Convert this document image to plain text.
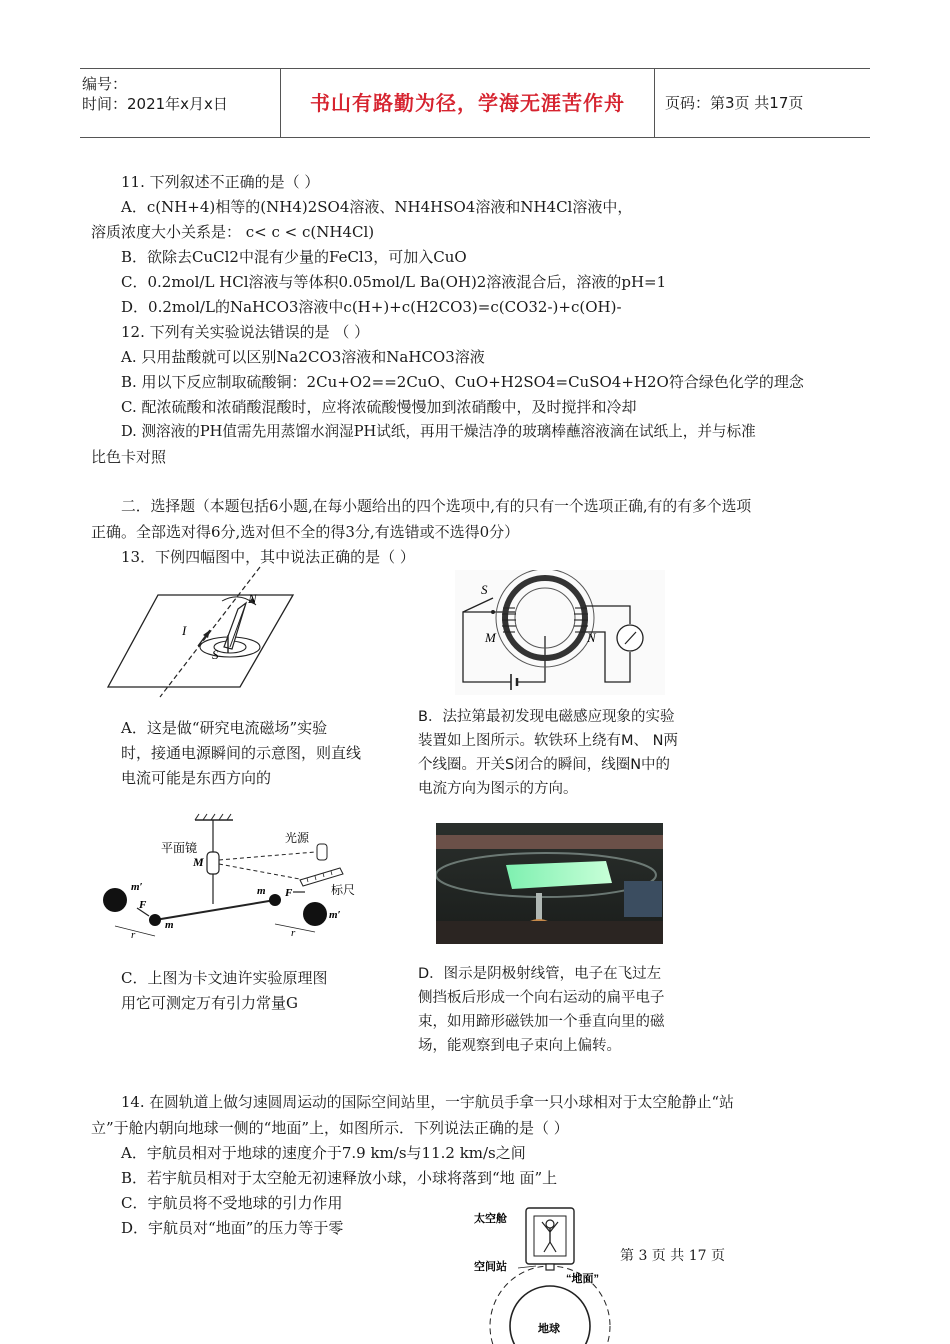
编号：
时间：2021年x月x日	书山有路勤为径，学海无涯苦作舟	页码：第3页 共17页
11. 下列叙述不正确的是（ ）
A．c(NH+4)相等的(NH4)2SO4溶液、NH4HSO4溶液和NH4Cl溶液中，
溶质浓度大小关系是： c< c < c(NH4Cl)
B．欲除去CuCl2中混有少量的FeCl3，可加入CuO
C．0.2mol/L HCl溶液与等体积0.05mol/L Ba(OH)2溶液混合后，溶液的pH=1
D．0.2mol/L的NaHCO3溶液中c(H+)+c(H2CO3)=c(CO32-)+c(OH)-
12. 下列有关实验说法错误的是 （ ）
A. 只用盐酸就可以区别Na2CO3溶液和NaHCO3溶液
B. 用以下反应制取硫酸铜：2Cu+O2==2CuO、CuO+H2SO4=CuSO4+H2O符合绿色化学的理念
C. 配浓硫酸和浓硝酸混酸时，应将浓硫酸慢慢加到浓硝酸中，及时搅拌和冷却
D. 测溶液的PH值需先用蒸馏水润湿PH试纸，再用干燥洁净的玻璃棒蘸溶液滴在试纸上，并与标准
比色卡对照
二．选择题（本题包括6小题,在每小题给出的四个选项中,有的只有一个选项正确,有的有多个选项
正确。全部选对得6分,选对但不全的得3分,有选错或不选得0分）
13．下例四幅图中，其中说法正确的是（ ）
N
S
I
S
M	N
A．这是做“研究电流磁场”实验
时，接通电源瞬间的示意图，则直线
电流可能是东西方向的
B．法拉第最初发现电磁感应现象的实验
装置如上图所示。软铁环上绕有M、 N两
个线圈。开关S闭合的瞬间，线圈N中的
电流方向为图示的方向。
平面镜
光源
标尺
M
m′
m′
m
m
F
F
r	r
C．上图为卡文迪许实验原理图
用它可测定万有引力常量G
D．图示是阴极射线管，电子在飞过左
侧挡板后形成一个向右运动的扁平电子
束，如用蹄形磁铁加一个垂直向里的磁
场，能观察到电子束向上偏转。
14. 在圆轨道上做匀速圆周运动的国际空间站里，一宇航员手拿一只小球相对于太空舱静止“站
立”于舱内朝向地球一侧的“地面”上，如图所示．下列说法正确的是（ ）
A．宇航员相对于地球的速度介于7.9 km/s与11.2 km/s之间
B．若宇航员相对于太空舱无初速释放小球，小球将落到“地 面”上
C．宇航员将不受地球的引力作用
D．宇航员对“地面”的压力等于零	太空舱
空间站
“地面”
地球
第 3 页 共 17 页
